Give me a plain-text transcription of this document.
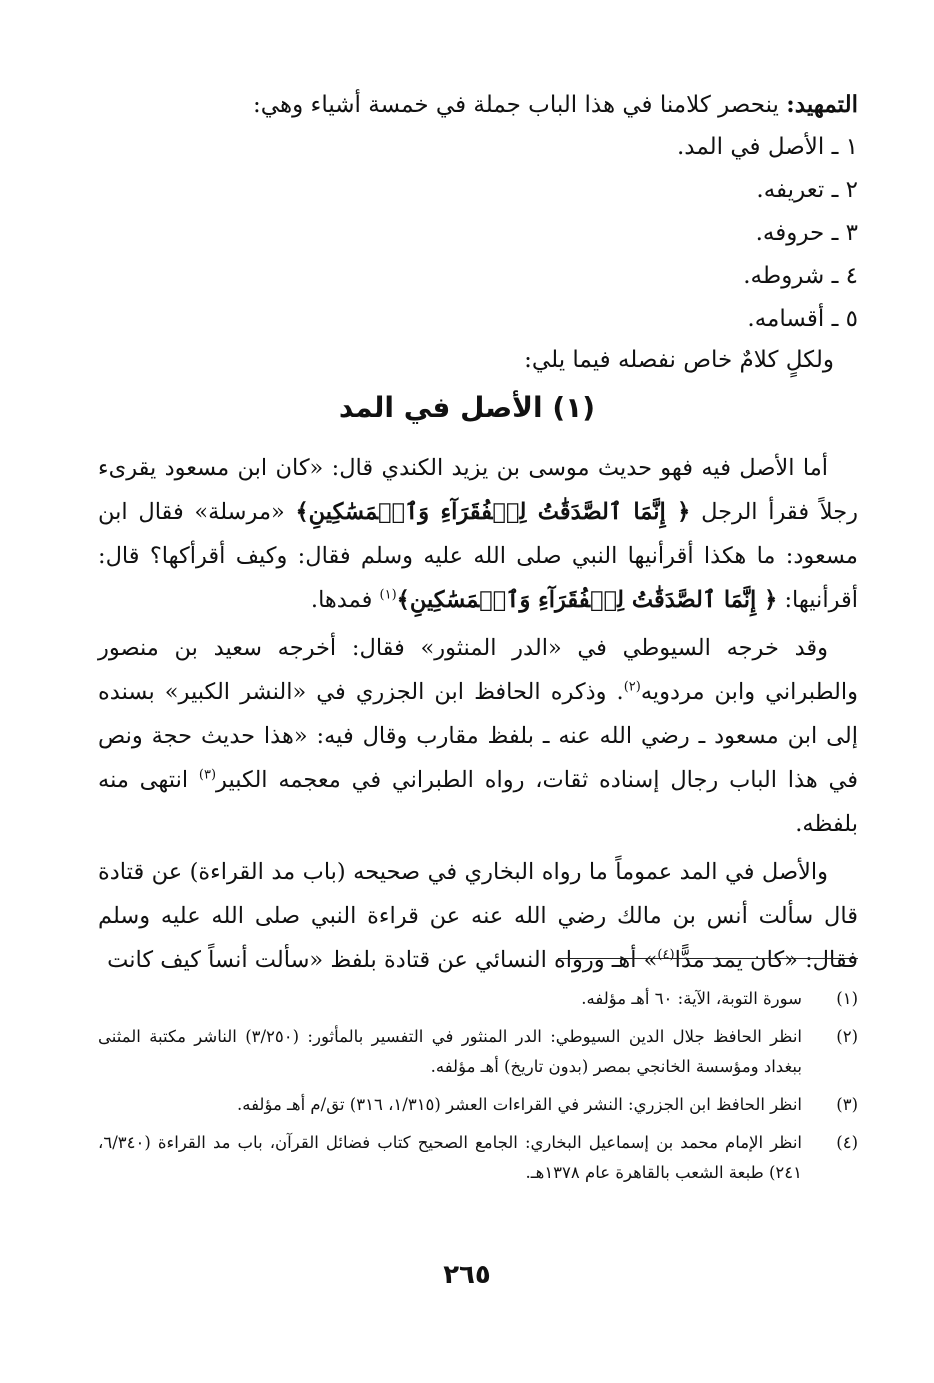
التمهيد: ينحصر كلامنا في هذا الباب جملة في خمسة أشياء وهي:
١ ـ الأصل في المد.
٢ ـ تعريفه.
٣ ـ حروفه.
٤ ـ شروطه.
٥ ـ أقسامه.
ولكلٍ كلامٌ خاص نفصله فيما يلي:
(١) الأصل في المد

أما الأصل فيه فهو حديث موسى بن يزيد الكندي قال: «كان ابن مسعود يقرىء رجلاً فقرأ الرجل ﴿ إِنَّمَا ٱلصَّدَقَٰتُ لِلۡفُقَرَآءِ وَٱلۡمَسَٰكِينِ﴾ «مرسلة» فقال ابن مسعود: ما هكذا أقرأنيها النبي صلى الله عليه وسلم فقال: وكيف أقرأكها؟ قال: أقرأنيها: ﴿ إِنَّمَا ٱلصَّدَقَٰتُ لِلۡفُقَرَآءِ وَٱلۡمَسَٰكِينِ﴾$^{(١)}$ فمدها.

وقد خرجه السيوطي في «الدر المنثور» فقال: أخرجه سعيد بن منصور والطبراني وابن مردويه$^{(٢)}$. وذكره الحافظ ابن الجزري في «النشر الكبير» بسنده إلى ابن مسعود ـ رضي الله عنه ـ بلفظ مقارب وقال فيه: «هذا حديث حجة ونص في هذا الباب رجال إسناده ثقات، رواه الطبراني في معجمه الكبير$^{(٣)}$ انتهى منه بلفظه.

والأصل في المد عموماً ما رواه البخاري في صحيحه (باب مد القراءة) عن قتادة قال سألت أنس بن مالك رضي الله عنه عن قراءة النبي صلى الله عليه وسلم فقال: «كان يمد مدًّا$^{(٤)}$» أهـ ورواه النسائي عن قتادة بلفظ «سألت أنساً كيف كانت

(١)
سورة التوبة، الآية: ٦٠ أهـ مؤلفه.
(٢)
انظر الحافظ جلال الدين السيوطي: الدر المنثور في التفسير بالمأثور: (٣/٢٥٠) الناشر مكتبة المثنى ببغداد ومؤسسة الخانجي بمصر (بدون تاريخ) أهـ مؤلفه.
(٣)
انظر الحافظ ابن الجزري: النشر في القراءات العشر (١/٣١٥، ٣١٦) تق/م أهـ مؤلفه.
(٤)
انظر الإمام محمد بن إسماعيل البخاري: الجامع الصحيح كتاب فضائل القرآن، باب مد القراءة (٦/٣٤٠، ٢٤١) طبعة الشعب بالقاهرة عام ١٣٧٨هـ.
٢٦٥
